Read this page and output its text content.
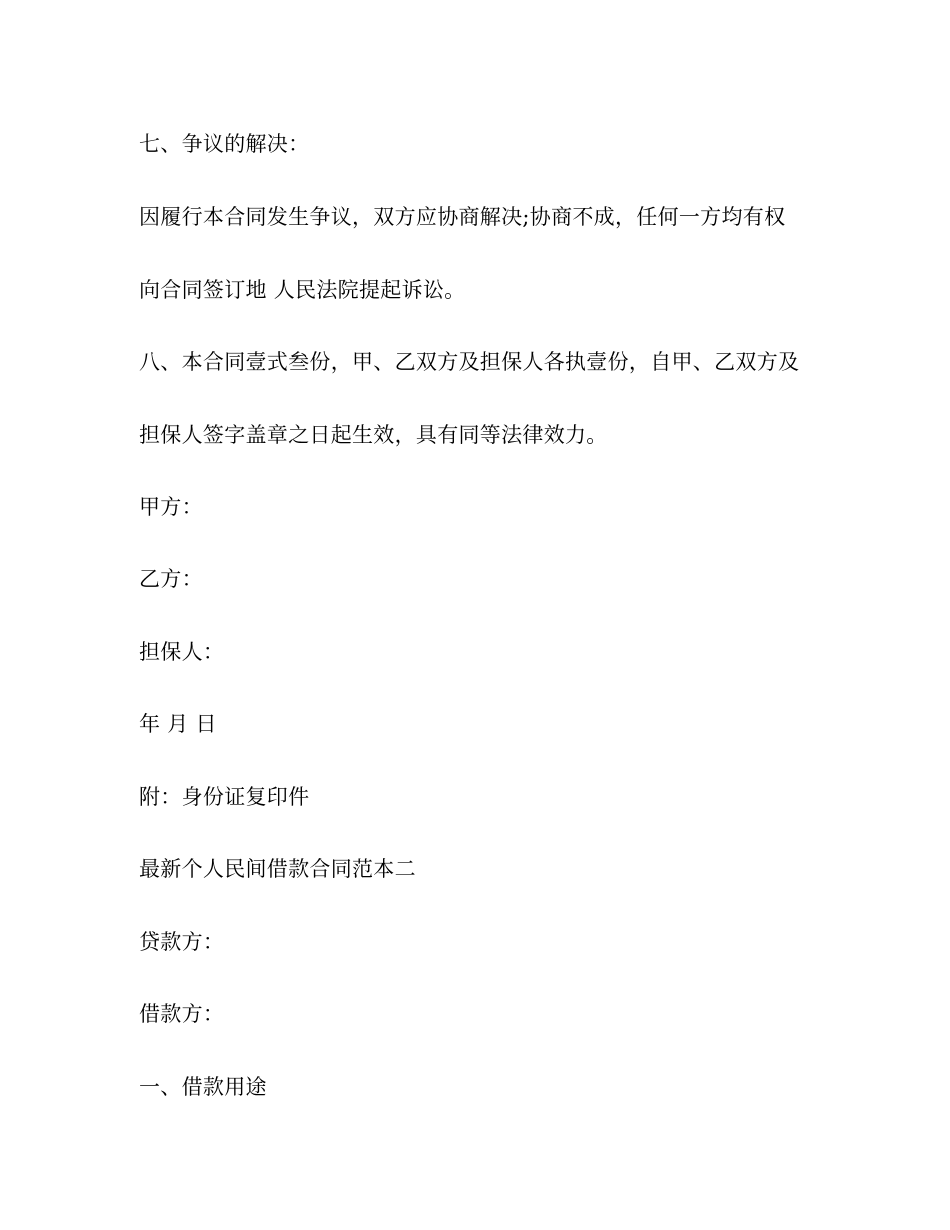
七、争议的解决：
因履行本合同发生争议，双方应协商解决;协商不成，任何一方均有权
向合同签订地 人民法院提起诉讼。
八、本合同壹式叁份，甲、乙双方及担保人各执壹份，自甲、乙双方及
担保人签字盖章之日起生效，具有同等法律效力。
甲方：
乙方：
担保人：
年 月 日
附：身份证复印件
最新个人民间借款合同范本二
贷款方：
借款方：
一、借款用途
